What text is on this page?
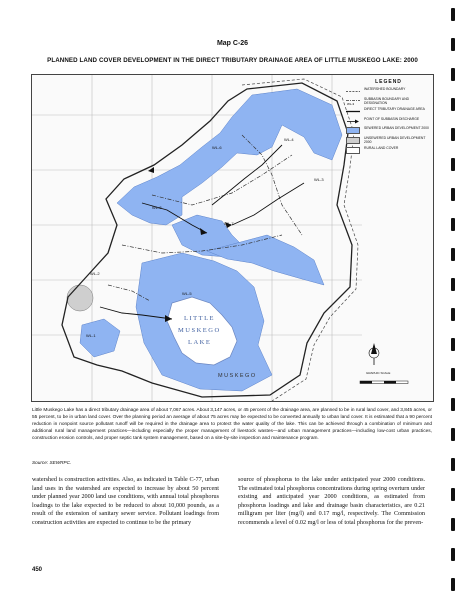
Map C-26
PLANNED LAND COVER DEVELOPMENT IN THE DIRECT TRIBUTARY DRAINAGE AREA OF LITTLE MUSKEGO LAKE: 2000
WL-1
WL-2
WL-3
WL-4
WL-5
WL-6
WL-7
WL-8
LITTLE
MUSKEGO
LAKE
MUSKEGO
LEGEND
WATERSHED BOUNDARY
WL-3
SUBBASIN BOUNDARY AND DESIGNATION
DIRECT TRIBUTARY DRAINAGE AREA
POINT OF SUBBASIN DISCHARGE
SEWERED URBAN DEVELOPMENT 2000
UNSEWERED URBAN DEVELOPMENT 2000
RURAL LAND COVER
GRAPHIC SCALE

Little Muskego Lake has a direct tributary drainage area of about 7,067 acres. About 3,147 acres, or 45 percent of the drainage area, are planned to be in rural land cover, and 3,845 acres, or 55 percent, to be in urban land cover. Over the planning period an average of about 75 acres may be expected to be converted annually to urban land cover. It is estimated that a 90 percent reduction in nonpoint source pollutant runoff will be required in the drainage area to protect the water quality of the lake. This can be achieved through a combination of minimum and additional rural land management practices—including especially the proper management of livestock wastes—and urban management practices—including low-cost urban practices, construction erosion controls, and proper septic tank system management, based on a site-by-site inspection and maintenance program.

Source: SEWRPC.

watershed is construction activities. Also, as indicated in Table C-77, urban land uses in the watershed are expected to increase by about 50 percent under planned year 2000 land use conditions, with annual total phosphorus loadings to the lake expected to be reduced to about 10,000 pounds, as a result of the extension of sanitary sewer service. Pollutant loadings from construction activities are expected to continue to be the primary

source of phosphorus to the lake under anticipated year 2000 conditions. The estimated total phosphorus concentrations during spring overturn under existing and anticipated year 2000 conditions, as estimated from phosphorus loadings and lake and drainage basin characteristics, are 0.21 milligram per liter (mg/l) and 0.17 mg/l, respectively. The Commission recommends a level of 0.02 mg/l or less of total phosphorus for the preven-

450
